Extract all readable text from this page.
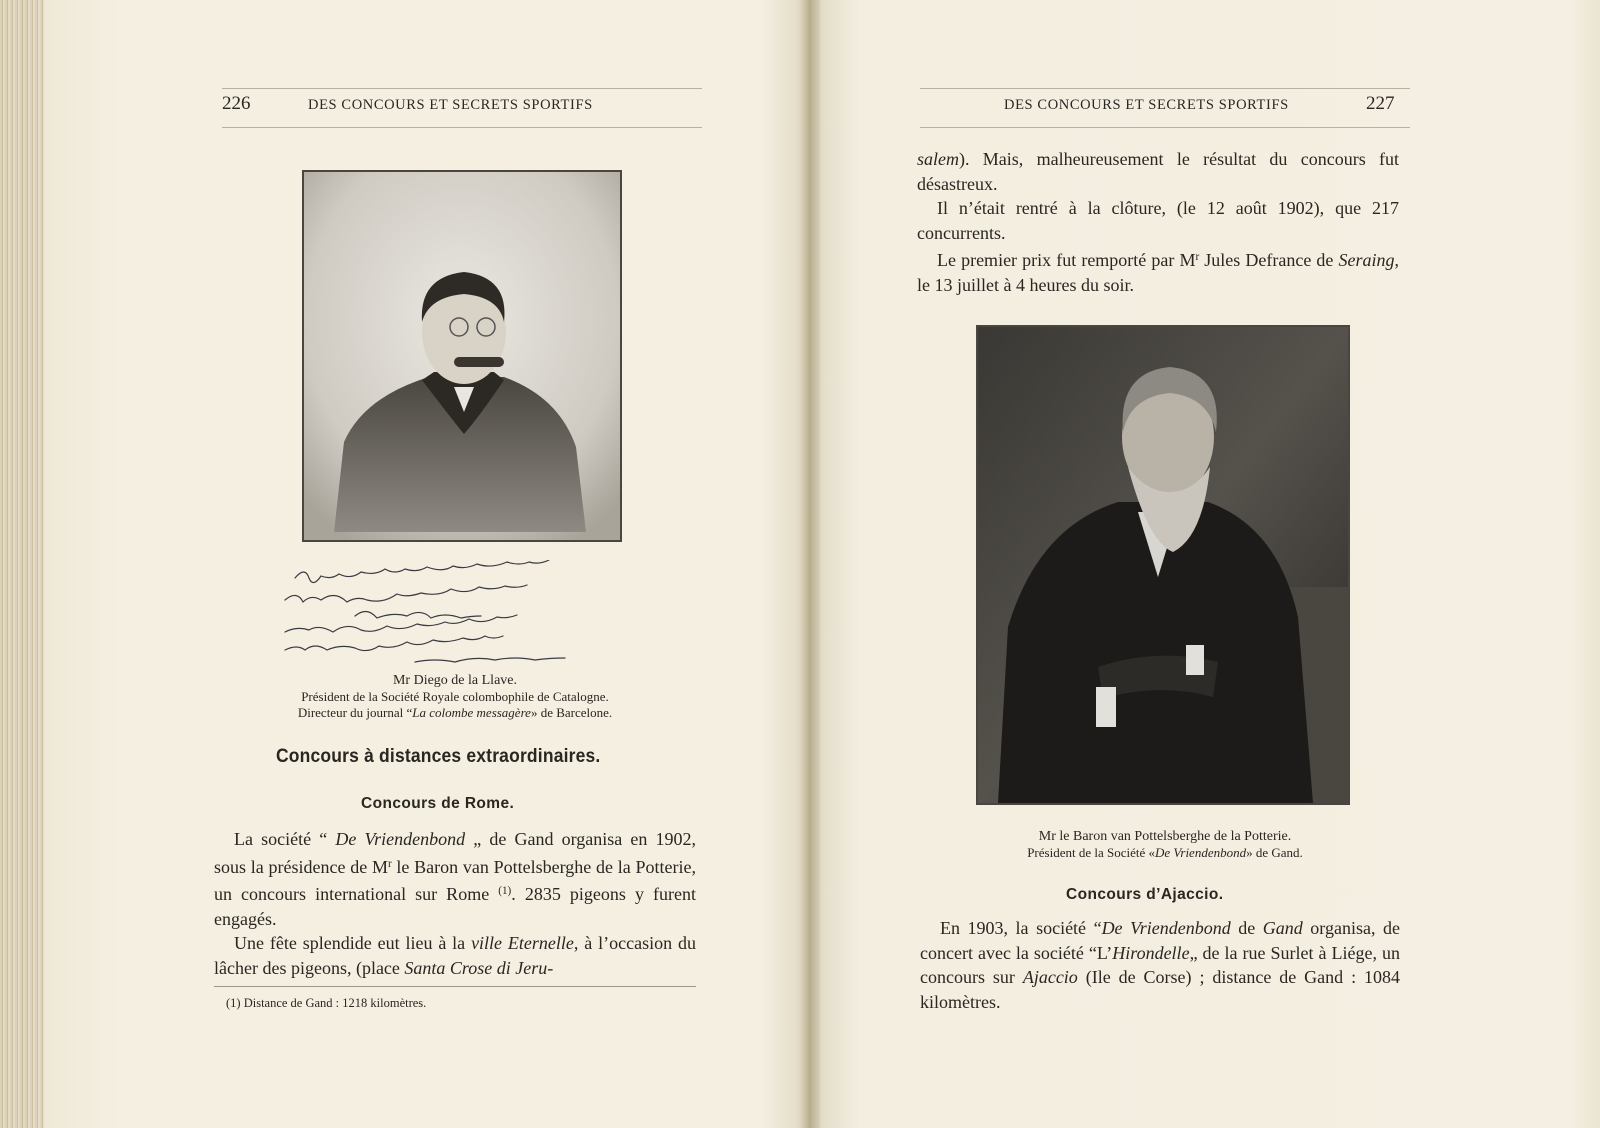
226	DES CONCOURS ET SECRETS SPORTIFS
Mr Diego de la Llave.
Président de la Société Royale colombophile de Catalogne.
Directeur du journal “La colombe messagère» de Barcelone.
Concours à distances extraordinaires.
Concours de Rome.

La société “ De Vriendenbond „ de Gand organisa en 1902, sous la présidence de $M^r$ le Baron van Pottelsberghe de la Potterie, un concours international sur Rome $^{(1)}$. 2835 pigeons y furent engagés.

Une fête splendide eut lieu à la ville Eternelle, à l’occasion du lâcher des pigeons, (place Santa Crose di Jeru-

(1) Distance de Gand : 1218 kilomètres.
DES CONCOURS ET SECRETS SPORTIFS	227

salem). Mais, malheureusement le résultat du concours fut désastreux.

Il n’était rentré à la clôture, (le 12 août 1902), que 217 concurrents.

Le premier prix fut remporté par $M^r$ Jules Defrance de Seraing, le 13 juillet à 4 heures du soir.

Mr le Baron van Pottelsberghe de la Potterie.
Président de la Société «De Vriendenbond» de Gand.
Concours d’Ajaccio.

En 1903, la société “De Vriendenbond de Gand organisa, de concert avec la société “L’Hirondelle„ de la rue Surlet à Liége, un concours sur Ajaccio (Ile de Corse) ; distance de Gand : 1084 kilomètres.
